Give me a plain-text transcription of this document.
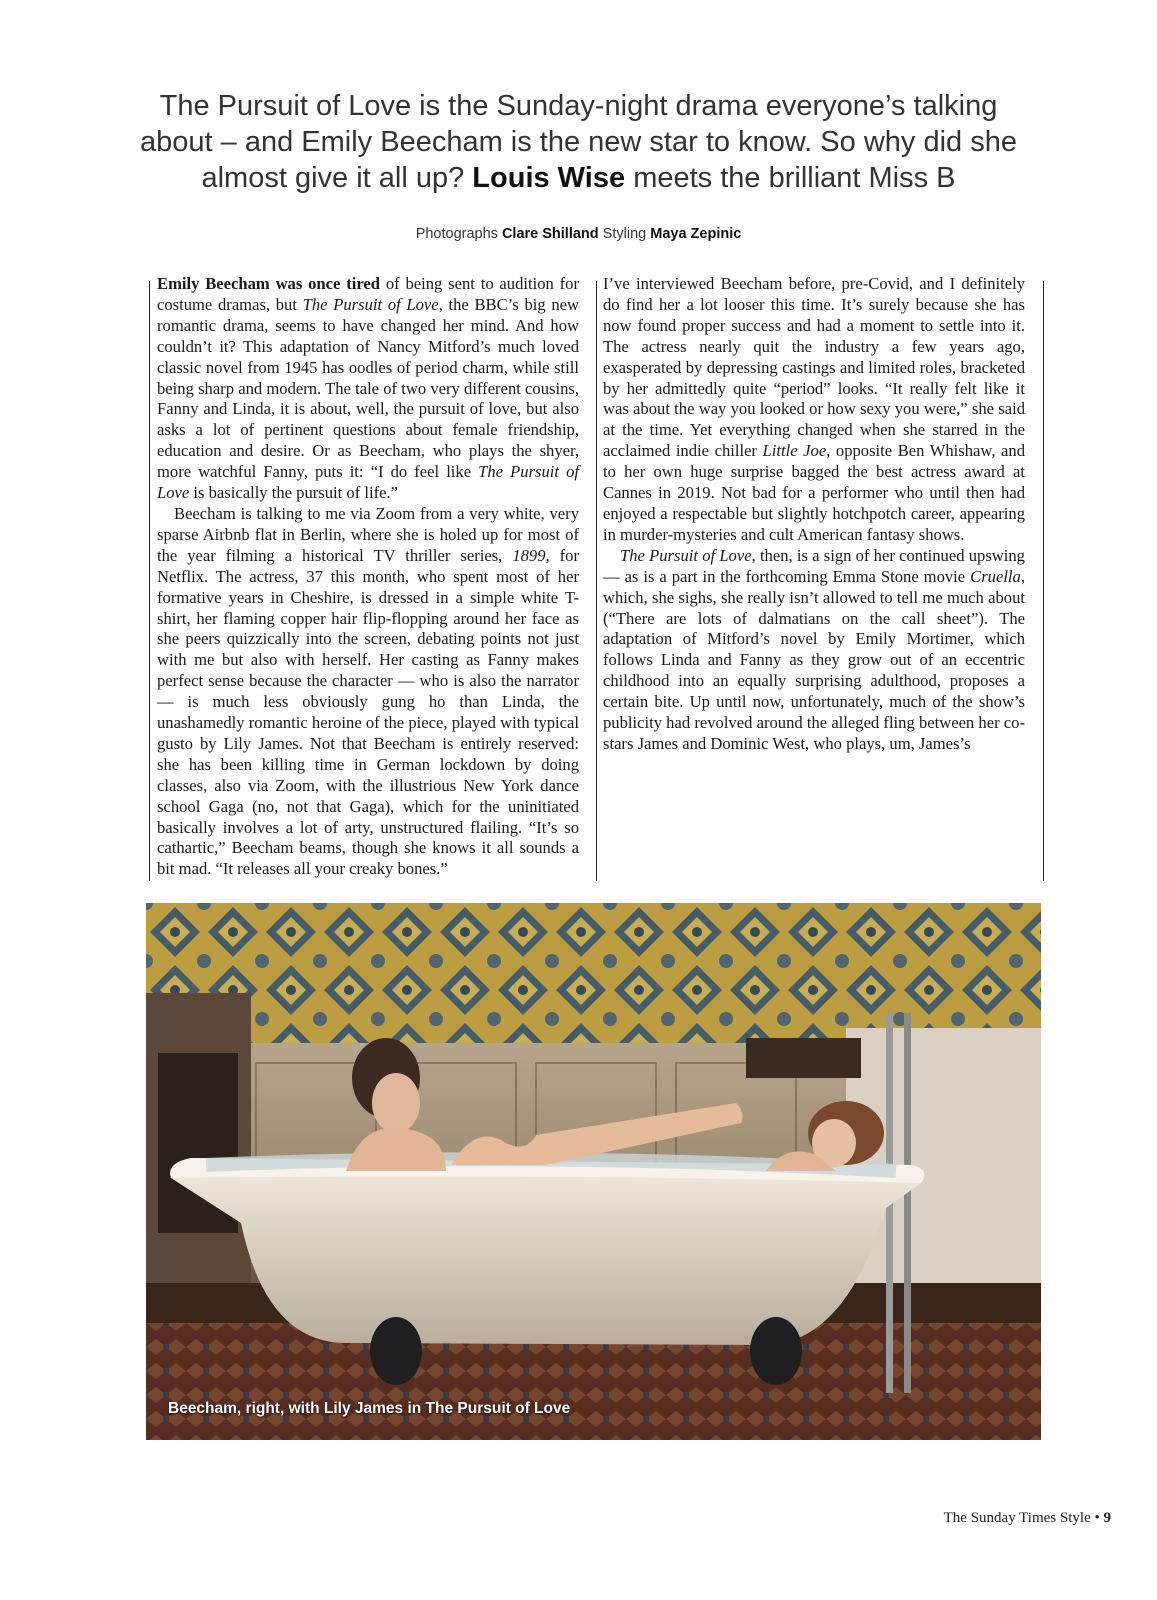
The Pursuit of Love is the Sunday-night drama everyone’s talking about – and Emily Beecham is the new star to know. So why did she almost give it all up? Louis Wise meets the brilliant Miss B
Photographs Clare Shilland Styling Maya Zepinic

Emily Beecham was once tired of being sent to audition for costume dramas, but The Pursuit of Love, the BBC’s big new romantic drama, seems to have changed her mind. And how couldn’t it? This adaptation of Nancy Mitford’s much loved classic novel from 1945 has oodles of period charm, while still being sharp and modern. The tale of two very different cousins, Fanny and Linda, it is about, well, the pursuit of love, but also asks a lot of pertinent questions about female friendship, education and desire. Or as Beecham, who plays the shyer, more watchful Fanny, puts it: “I do feel like The Pursuit of Love is basically the pursuit of life.”

Beecham is talking to me via Zoom from a very white, very sparse Airbnb flat in Berlin, where she is holed up for most of the year filming a historical TV thriller series, 1899, for Netflix. The actress, 37 this month, who spent most of her formative years in Cheshire, is dressed in a simple white T-shirt, her flaming copper hair flip-flopping around her face as she peers quizzically into the screen, debating points not just with me but also with herself. Her casting as Fanny makes perfect sense because the character — who is also the narrator — is much less obviously gung ho than Linda, the unashamedly romantic heroine of the piece, played with typical gusto by Lily James. Not that Beecham is entirely reserved: she has been killing time in German lockdown by doing classes, also via Zoom, with the illustrious New York dance school Gaga (no, not that Gaga), which for the uninitiated basically involves a lot of arty, unstructured flailing. “It’s so cathartic,” Beecham beams, though she knows it all sounds a bit mad. “It releases all your creaky bones.”

I’ve interviewed Beecham before, pre-Covid, and I definitely do find her a lot looser this time. It’s surely because she has now found proper success and had a moment to settle into it. The actress nearly quit the industry a few years ago, exasperated by depressing castings and limited roles, bracketed by her admittedly quite “period” looks. “It really felt like it was about the way you looked or how sexy you were,” she said at the time. Yet everything changed when she starred in the acclaimed indie chiller Little Joe, opposite Ben Whishaw, and to her own huge surprise bagged the best actress award at Cannes in 2019. Not bad for a performer who until then had enjoyed a respectable but slightly hotchpotch career, appearing in murder-mysteries and cult American fantasy shows.

The Pursuit of Love, then, is a sign of her continued upswing — as is a part in the forthcoming Emma Stone movie Cruella, which, she sighs, she really isn’t allowed to tell me much about (“There are lots of dalmatians on the call sheet”). The adaptation of Mitford’s novel by Emily Mortimer, which follows Linda and Fanny as they grow out of an eccentric childhood into an equally surprising adulthood, proposes a certain bite. Up until now, unfortunately, much of the show’s publicity had revolved around the alleged fling between her co-stars James and Dominic West, who plays, um, James’s

Beecham, right, with Lily James in The Pursuit of Love
The Sunday Times Style • 9
